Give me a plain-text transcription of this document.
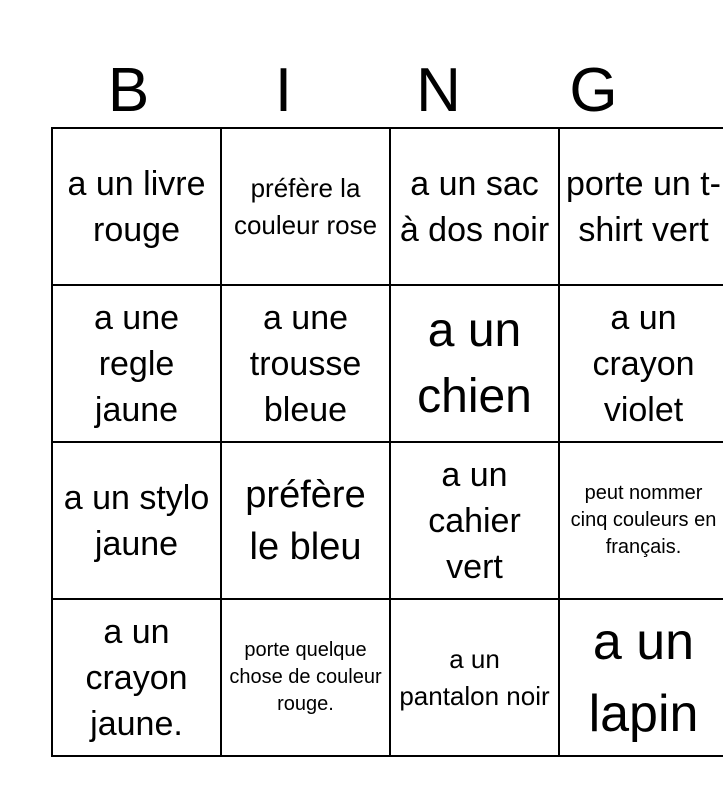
B	I	N	G
a un livre rouge	préfère la couleur rose	a un sac à dos noir	porte un t-shirt vert

a une regle jaune	a une trousse bleue	a un chien	a un crayon violet

a un stylo jaune	préfère le bleu	a un cahier vert	peut nommer cinq couleurs en français.

a un crayon jaune.	porte quelque chose de couleur rouge.	a un pantalon noir	a un lapin
